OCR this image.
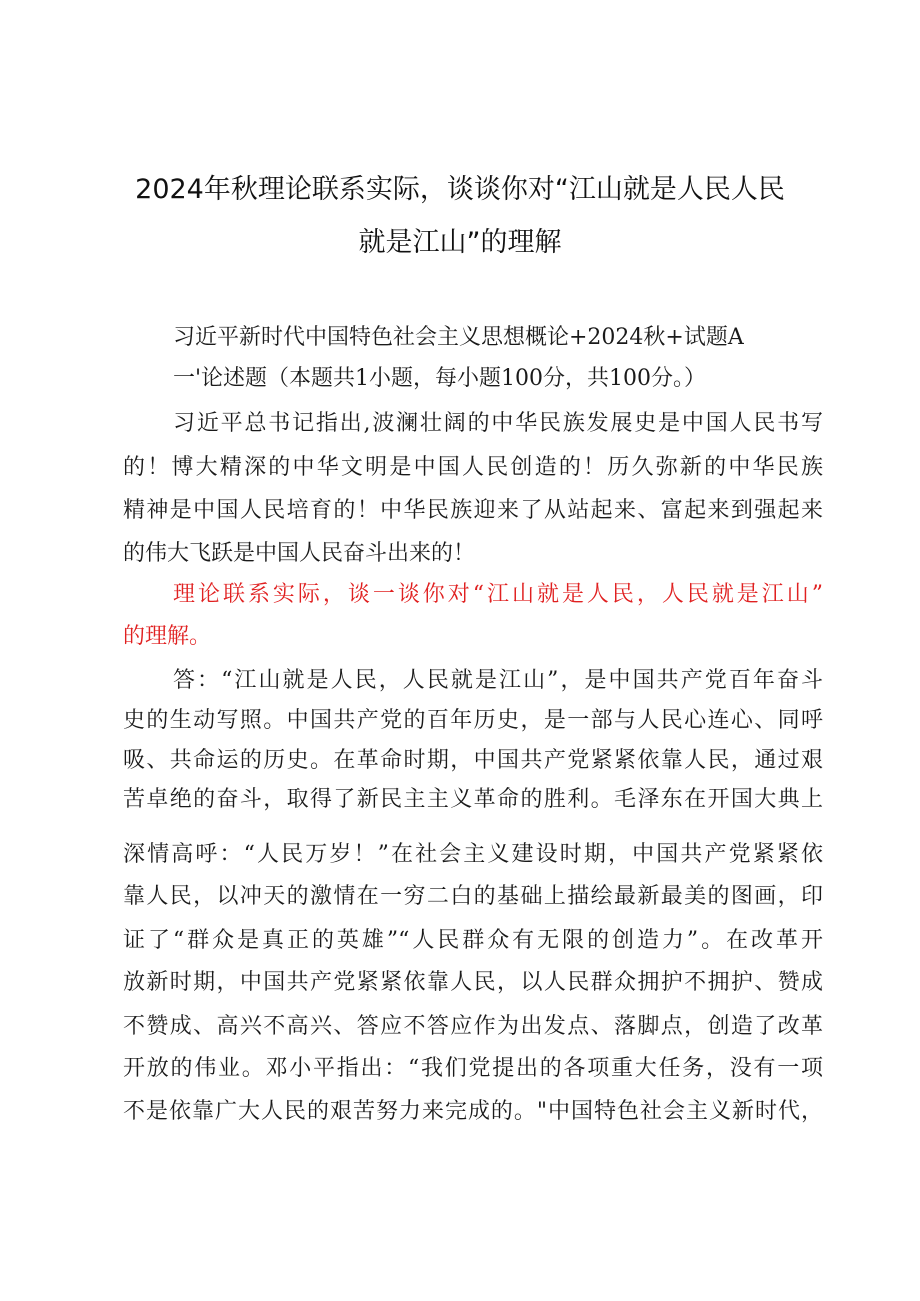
2024年秋理论联系实际，谈谈你对“江山就是人民人民
就是江山”的理解
习近平新时代中国特色社会主义思想概论+2024秋+试题A
一'论述题（本题共1小题，每小题100分，共100分。）
习近平总书记指出,波澜壮阔的中华民族发展史是中国人民书写
的！博大精深的中华文明是中国人民创造的！历久弥新的中华民族
精神是中国人民培育的！中华民族迎来了从站起来、富起来到强起来
的伟大飞跃是中国人民奋斗出来的！
理论联系实际，谈一谈你对“江山就是人民，人民就是江山”
的理解。
答：“江山就是人民，人民就是江山”，是中国共产党百年奋斗
史的生动写照。中国共产党的百年历史，是一部与人民心连心、同呼
吸、共命运的历史。在革命时期，中国共产党紧紧依靠人民，通过艰
苦卓绝的奋斗，取得了新民主主义革命的胜利。毛泽东在开国大典上
深情高呼：“人民万岁！”在社会主义建设时期，中国共产党紧紧依
靠人民，以冲天的激情在一穷二白的基础上描绘最新最美的图画，印
证了“群众是真正的英雄”“人民群众有无限的创造力”。在改革开
放新时期，中国共产党紧紧依靠人民，以人民群众拥护不拥护、赞成
不赞成、高兴不高兴、答应不答应作为出发点、落脚点，创造了改革
开放的伟业。邓小平指出：“我们党提出的各项重大任务，没有一项
不是依靠广大人民的艰苦努力来完成的。"中国特色社会主义新时代，
